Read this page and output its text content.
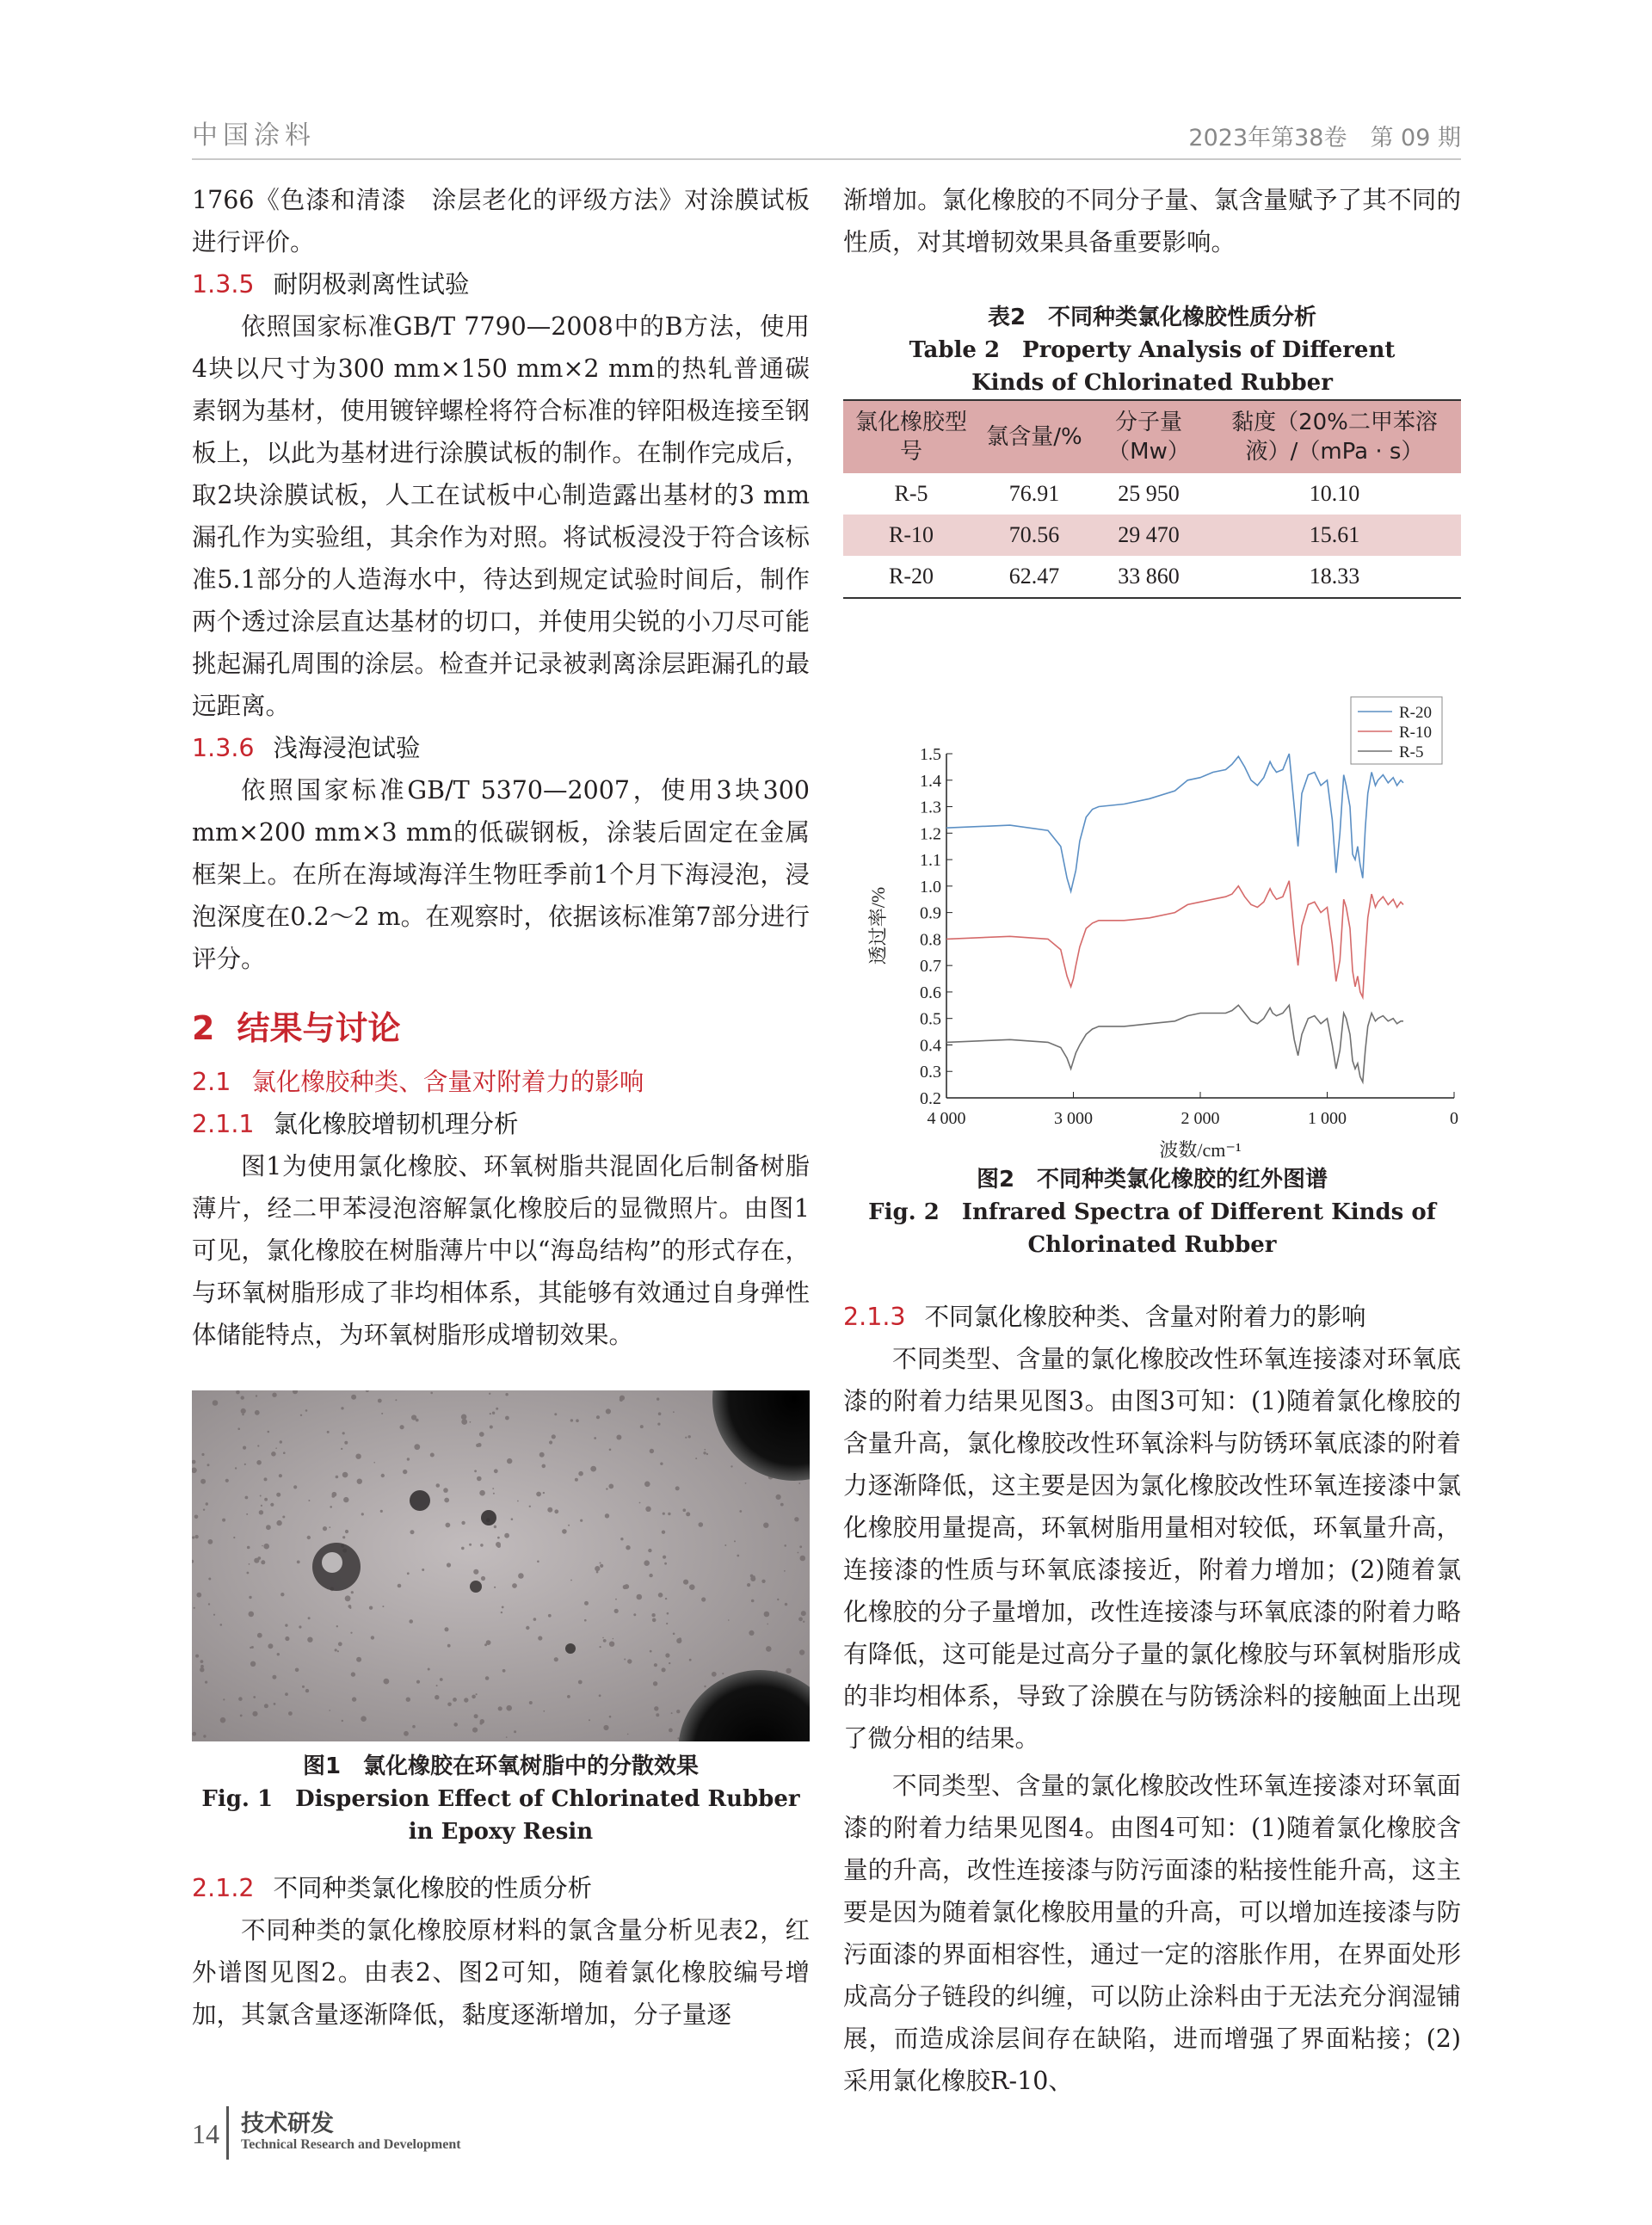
中国涂料	2023年第38卷　第 09 期

1766《色漆和清漆　涂层老化的评级方法》对涂膜试板进行评价。

1.3.5 耐阴极剥离性试验

依照国家标准GB/T 7790—2008中的B方法，使用4块以尺寸为300 mm×150 mm×2 mm的热轧普通碳素钢为基材，使用镀锌螺栓将符合标准的锌阳极连接至钢板上，以此为基材进行涂膜试板的制作。在制作完成后，取2块涂膜试板，人工在试板中心制造露出基材的3 mm漏孔作为实验组，其余作为对照。将试板浸没于符合该标准5.1部分的人造海水中，待达到规定试验时间后，制作两个透过涂层直达基材的切口，并使用尖锐的小刀尽可能挑起漏孔周围的涂层。检查并记录被剥离涂层距漏孔的最远距离。

1.3.6 浅海浸泡试验

依照国家标准GB/T 5370—2007，使用3块300 mm×200 mm×3 mm的低碳钢板，涂装后固定在金属框架上。在所在海域海洋生物旺季前1个月下海浸泡，浸泡深度在0.2～2 m。在观察时，依据该标准第7部分进行评分。

2 结果与讨论
2.1 氯化橡胶种类、含量对附着力的影响
2.1.1 氯化橡胶增韧机理分析

图1为使用氯化橡胶、环氧树脂共混固化后制备树脂薄片，经二甲苯浸泡溶解氯化橡胶后的显微照片。由图1可见，氯化橡胶在树脂薄片中以“海岛结构”的形式存在，与环氧树脂形成了非均相体系，其能够有效通过自身弹性体储能特点，为环氧树脂形成增韧效果。

图1　氯化橡胶在环氧树脂中的分散效果
Fig. 1　Dispersion Effect of Chlorinated Rubber in Epoxy Resin
2.1.2 不同种类氯化橡胶的性质分析

不同种类的氯化橡胶原材料的氯含量分析见表2，红外谱图见图2。由表2、图2可知，随着氯化橡胶编号增加，其氯含量逐渐降低，黏度逐渐增加，分子量逐

渐增加。氯化橡胶的不同分子量、氯含量赋予了其不同的性质，对其增韧效果具备重要影响。

表2　不同种类氯化橡胶性质分析
Table 2　Property Analysis of Different Kinds of Chlorinated Rubber
氯化橡胶型号	氯含量/%	分子量（Mw）	黏度（20%二甲苯溶液）/（mPa · s）
R-5	76.91	25 950	10.10
R-10	70.56	29 470	15.61
R-20	62.47	33 860	18.33
0.2
0.3
0.4
0.5
0.6
0.7
0.8
0.9
1.0
1.1
1.2
1.3
1.4
1.5
4 000	3 000	2 000	1 000	0
波数/cm⁻¹
透过率/%
R-20
R-10
R-5
图2　不同种类氯化橡胶的红外图谱
Fig. 2　Infrared Spectra of Different Kinds of Chlorinated Rubber
2.1.3 不同氯化橡胶种类、含量对附着力的影响

不同类型、含量的氯化橡胶改性环氧连接漆对环氧底漆的附着力结果见图3。由图3可知：(1)随着氯化橡胶的含量升高，氯化橡胶改性环氧涂料与防锈环氧底漆的附着力逐渐降低，这主要是因为氯化橡胶改性环氧连接漆中氯化橡胶用量提高，环氧树脂用量相对较低，环氧量升高，连接漆的性质与环氧底漆接近，附着力增加；(2)随着氯化橡胶的分子量增加，改性连接漆与环氧底漆的附着力略有降低，这可能是过高分子量的氯化橡胶与环氧树脂形成的非均相体系，导致了涂膜在与防锈涂料的接触面上出现了微分相的结果。

不同类型、含量的氯化橡胶改性环氧连接漆对环氧面漆的附着力结果见图4。由图4可知：(1)随着氯化橡胶含量的升高，改性连接漆与防污面漆的粘接性能升高，这主要是因为随着氯化橡胶用量的升高，可以增加连接漆与防污面漆的界面相容性，通过一定的溶胀作用，在界面处形成高分子链段的纠缠，可以防止涂料由于无法充分润湿铺展，而造成涂层间存在缺陷，进而增强了界面粘接；(2)采用氯化橡胶R-10、

14 技术研发
Technical Research and Development
